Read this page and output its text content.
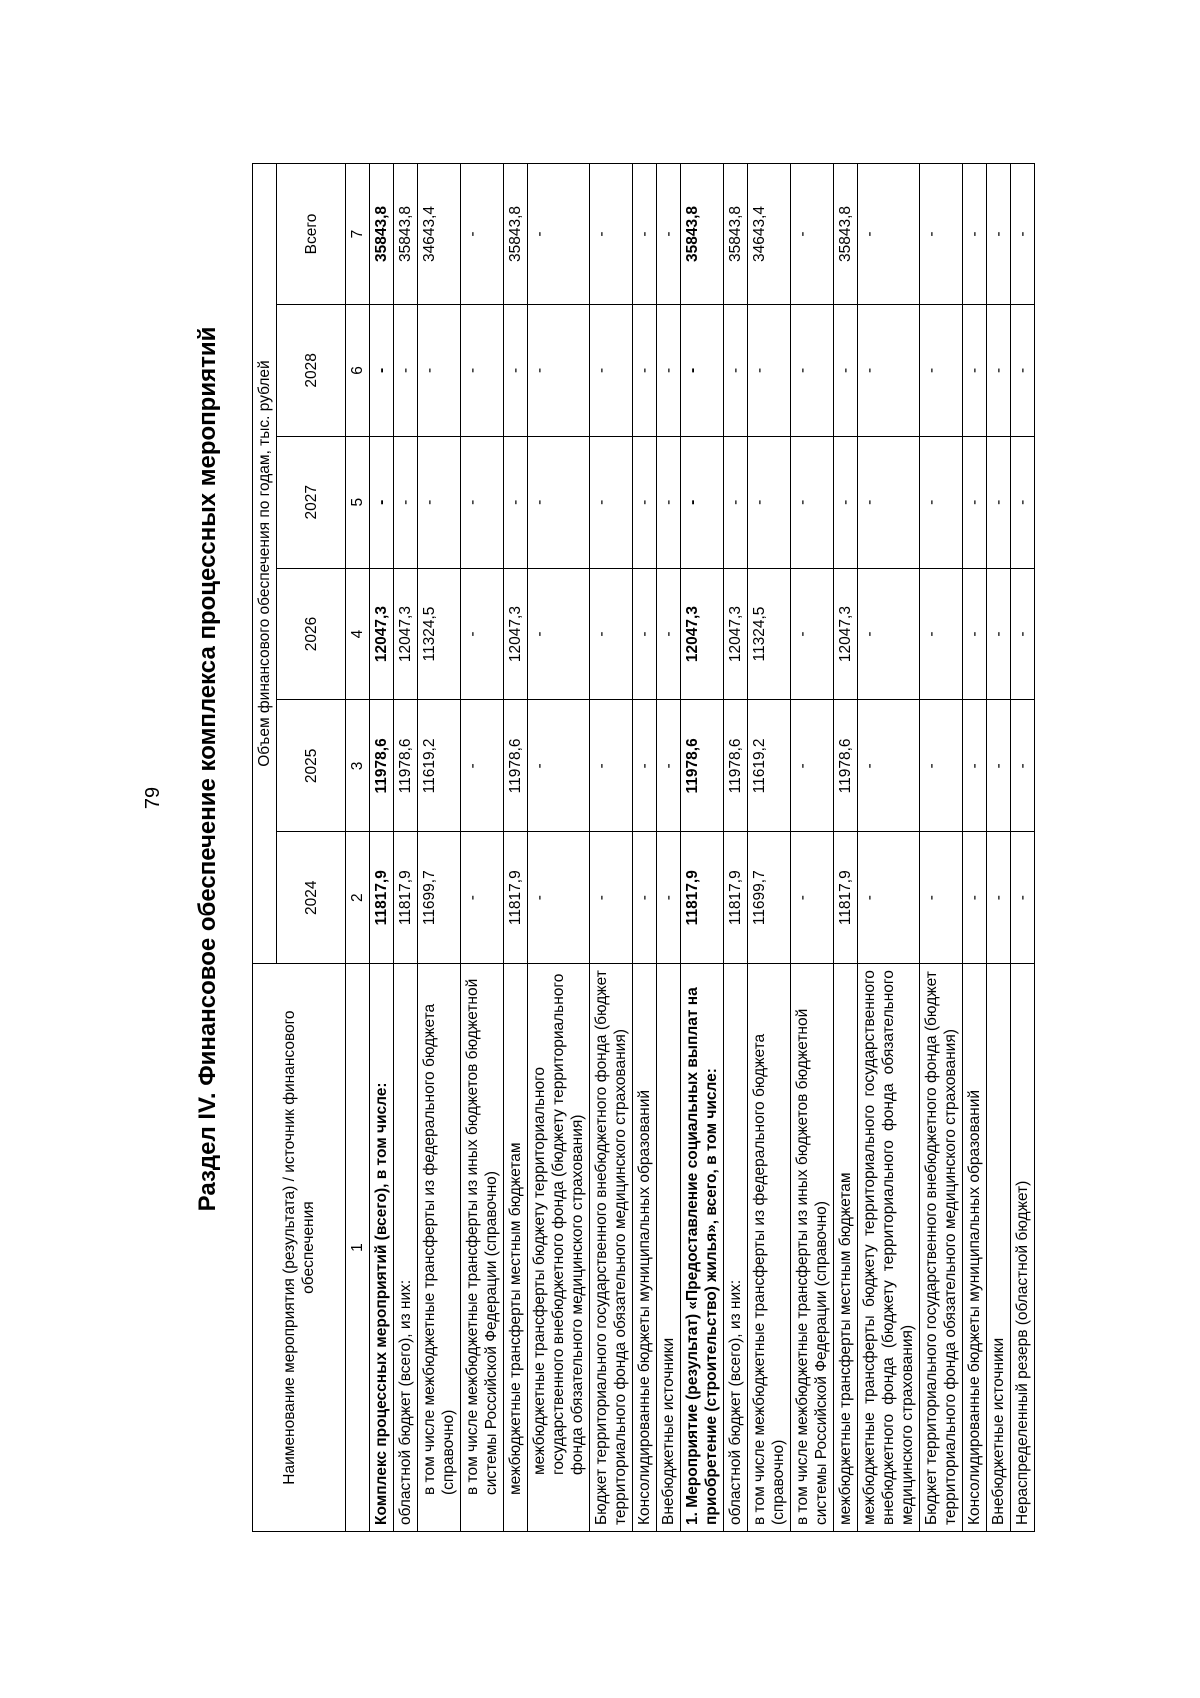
79 Раздел IV. Финансовое обеспечение комплекса процессных мероприятий
Наименование мероприятия (результата) / источник финансового обеспечения	Объем финансового обеспечения по годам, тыс. рублей					
	2024	2025	2026	2027	2028	Всего
1	2	3	4	5	6	7
Комплекс процессных мероприятий (всего), в том числе:	11817,9	11978,6	12047,3	-	-	35843,8
областной бюджет (всего), из них:	11817,9	11978,6	12047,3	-	-	35843,8
в том числе межбюджетные трансферты из федерального бюджета (справочно)	11699,7	11619,2	11324,5	-	-	34643,4
в том числе межбюджетные трансферты из иных бюджетов бюджетной системы Российской Федерации (справочно)	-	-	-	-	-	-
межбюджетные трансферты местным бюджетам	11817,9	11978,6	12047,3	-	-	35843,8
межбюджетные трансферты бюджету территориального государственного внебюджетного фонда (бюджету территориального фонда обязательного медицинского страхования)	-	-	-	-	-	-
Бюджет территориального государственного внебюджетного фонда (бюджет территориального фонда обязательного медицинского страхования)	-	-	-	-	-	-
Консолидированные бюджеты муниципальных образований	-	-	-	-	-	-
Внебюджетные источники	-	-	-	-	-	-
1. Мероприятие (результат) «Предоставление социальных выплат на приобретение (строительство) жилья», всего, в том числе:	11817,9	11978,6	12047,3	-	-	35843,8
областной бюджет (всего), из них:	11817,9	11978,6	12047,3	-	-	35843,8
в том числе межбюджетные трансферты из федерального бюджета (справочно)	11699,7	11619,2	11324,5	-	-	34643,4
в том числе межбюджетные трансферты из иных бюджетов бюджетной системы Российской Федерации (справочно)	-	-	-	-	-	-
межбюджетные трансферты местным бюджетам	11817,9	11978,6	12047,3	-	-	35843,8
межбюджетные трансферты бюджету территориального государственного внебюджетного фонда (бюджету территориального фонда обязательного медицинского страхования)	-	-	-	-	-	-
Бюджет территориального государственного внебюджетного фонда (бюджет территориального фонда обязательного медицинского страхования)	-	-	-	-	-	-
Консолидированные бюджеты муниципальных образований	-	-	-	-	-	-
Внебюджетные источники	-	-	-	-	-	-
Нераспределенный резерв (областной бюджет)	-	-	-	-	-	-
